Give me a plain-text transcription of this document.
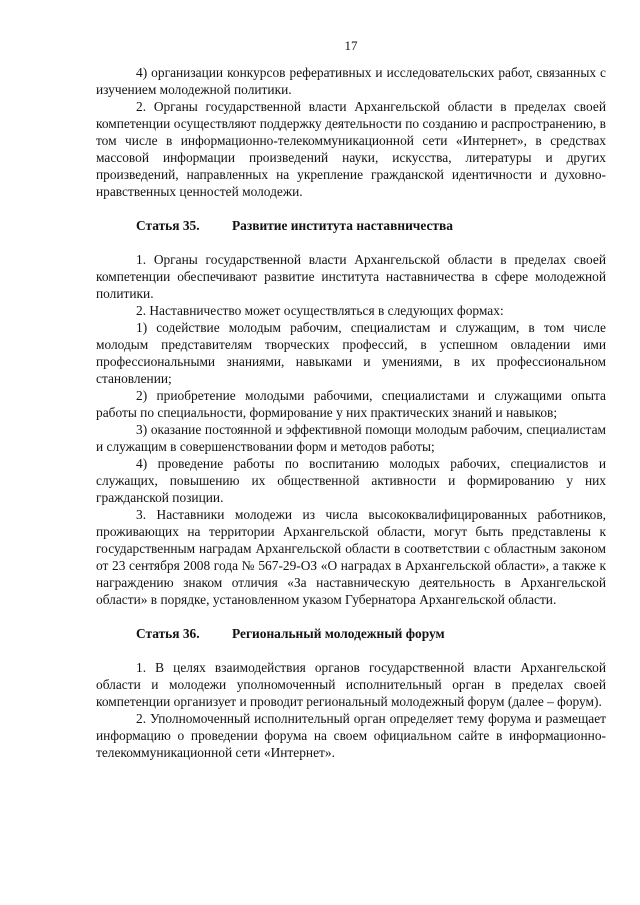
17

4) организации конкурсов реферативных и исследовательских работ, связанных с изучением молодежной политики.

2. Органы государственной власти Архангельской области в пределах своей компетенции осуществляют поддержку деятельности по созданию и распространению, в том числе в информационно-телекоммуникационной сети «Интернет», в средствах массовой информации произведений науки, искусства, литературы и других произведений, направленных на укрепление гражданской идентичности и духовно-нравственных ценностей молодежи.

Статья 35. Развитие института наставничества

1. Органы государственной власти Архангельской области в пределах своей компетенции обеспечивают развитие института наставничества в сфере молодежной политики.

2. Наставничество может осуществляться в следующих формах:

1) содействие молодым рабочим, специалистам и служащим, в том числе молодым представителям творческих профессий, в успешном овладении ими профессиональными знаниями, навыками и умениями, в их профессиональном становлении;

2) приобретение молодыми рабочими, специалистами и служащими опыта работы по специальности, формирование у них практических знаний и навыков;

3) оказание постоянной и эффективной помощи молодым рабочим, специалистам и служащим в совершенствовании форм и методов работы;

4) проведение работы по воспитанию молодых рабочих, специалистов и служащих, повышению их общественной активности и формированию у них гражданской позиции.

3. Наставники молодежи из числа высококвалифицированных работников, проживающих на территории Архангельской области, могут быть представлены к государственным наградам Архангельской области в соответствии с областным законом от 23 сентября 2008 года № 567-29-ОЗ «О наградах в Архангельской области», а также к награждению знаком отличия «За наставническую деятельность в Архангельской области» в порядке, установленном указом Губернатора Архангельской области.

Статья 36. Региональный молодежный форум

1. В целях взаимодействия органов государственной власти Архангельской области и молодежи уполномоченный исполнительный орган в пределах своей компетенции организует и проводит региональный молодежный форум (далее – форум).

2. Уполномоченный исполнительный орган определяет тему форума и размещает информацию о проведении форума на своем официальном сайте в информационно-телекоммуникационной сети «Интернет».
